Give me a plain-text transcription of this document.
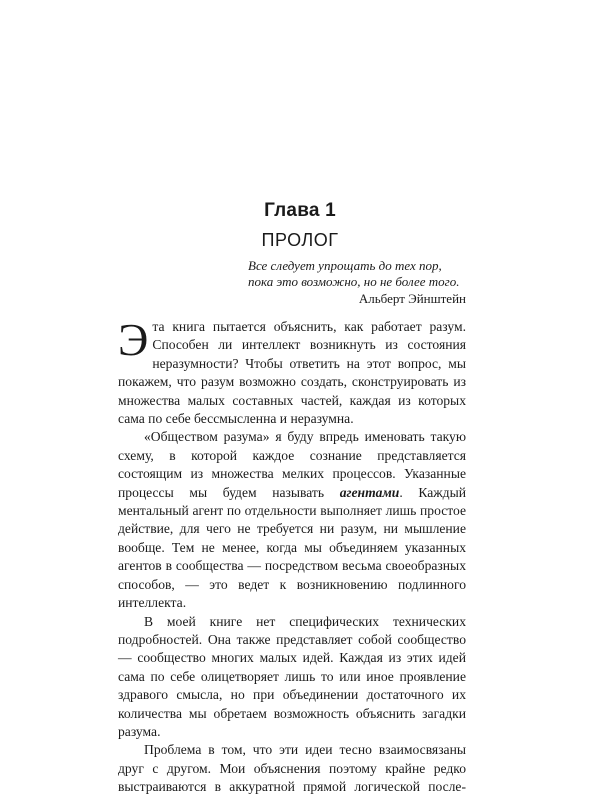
Глава 1
ПРОЛОГ
Все следует упрощать до тех пор, пока это возможно, но не более того.
Альберт Эйнштейн

Эта книга пытается объяснить, как работает разум. Способен ли интеллект возникнуть из состояния неразумности? Чтобы ответить на этот вопрос, мы покажем, что разум возможно создать, сконструировать из множества малых составных частей, каждая из которых сама по себе бессмысленна и неразумна.

«Обществом разума» я буду впредь именовать такую схему, в которой каждое сознание представляется состоящим из множества мелких процессов. Указанные процессы мы будем называть агентами. Каждый ментальный агент по отдельности выполняет лишь простое действие, для чего не требуется ни разум, ни мышление вообще. Тем не менее, когда мы объединяем указанных агентов в сообщества — посредством весьма своеобразных способов, — это ведет к возникновению подлинного интеллекта.

В моей книге нет специфических технических подробностей. Она также представляет собой сообщество — сообщество многих малых идей. Каждая из этих идей сама по себе олицетворяет лишь то или иное проявление здравого смысла, но при объединении достаточного их количества мы обретаем возможность объяснить загадки разума.

Проблема в том, что эти идеи тесно взаимосвязаны друг с другом. Мои объяснения поэтому крайне редко выстраиваются в аккуратной прямой логической после-
